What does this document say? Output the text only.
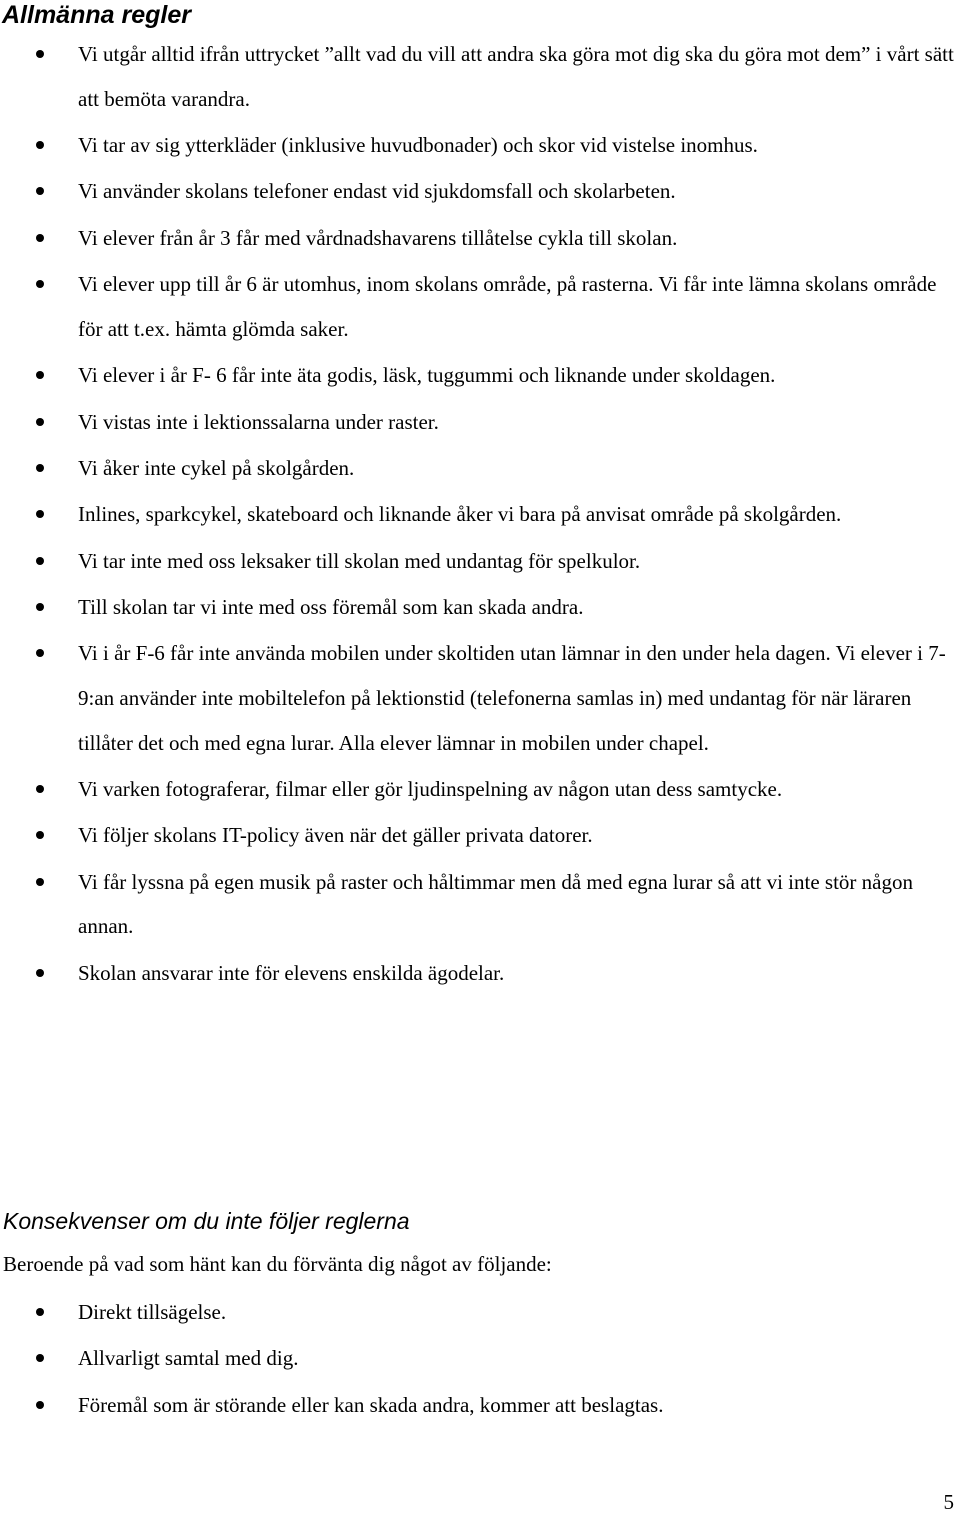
Allmänna regler
Vi utgår alltid ifrån uttrycket ”allt vad du vill att andra ska göra mot dig ska du göra mot dem” i vårt sätt att bemöta varandra.
Vi tar av sig ytterkläder (inklusive huvudbonader) och skor vid vistelse inomhus.
Vi använder skolans telefoner endast vid sjukdomsfall och skolarbeten.
Vi elever från år 3 får med vårdnadshavarens tillåtelse cykla till skolan.
Vi elever upp till år 6 är utomhus, inom skolans område, på rasterna. Vi får inte lämna skolans område för att t.ex. hämta glömda saker.
Vi elever i år F- 6 får inte äta godis, läsk, tuggummi och liknande under skoldagen.
Vi vistas inte i lektionssalarna under raster.
Vi åker inte cykel på skolgården.
Inlines, sparkcykel, skateboard och liknande åker vi bara på anvisat område på skolgården.
Vi tar inte med oss leksaker till skolan med undantag för spelkulor.
Till skolan tar vi inte med oss föremål som kan skada andra.
Vi i år F-6 får inte använda mobilen under skoltiden utan lämnar in den under hela dagen. Vi elever i 7-9:an använder inte mobiltelefon på lektionstid (telefonerna samlas in) med undantag för när läraren tillåter det och med egna lurar. Alla elever lämnar in mobilen under chapel.
Vi varken fotograferar, filmar eller gör ljudinspelning av någon utan dess samtycke.
Vi följer skolans IT-policy även när det gäller privata datorer.
Vi får lyssna på egen musik på raster och håltimmar men då med egna lurar så att vi inte stör någon annan.
Skolan ansvarar inte för elevens enskilda ägodelar.
Konsekvenser om du inte följer reglerna

Beroende på vad som hänt kan du förvänta dig något av följande:

Direkt tillsägelse.
Allvarligt samtal med dig.
Föremål som är störande eller kan skada andra, kommer att beslagtas.

5
